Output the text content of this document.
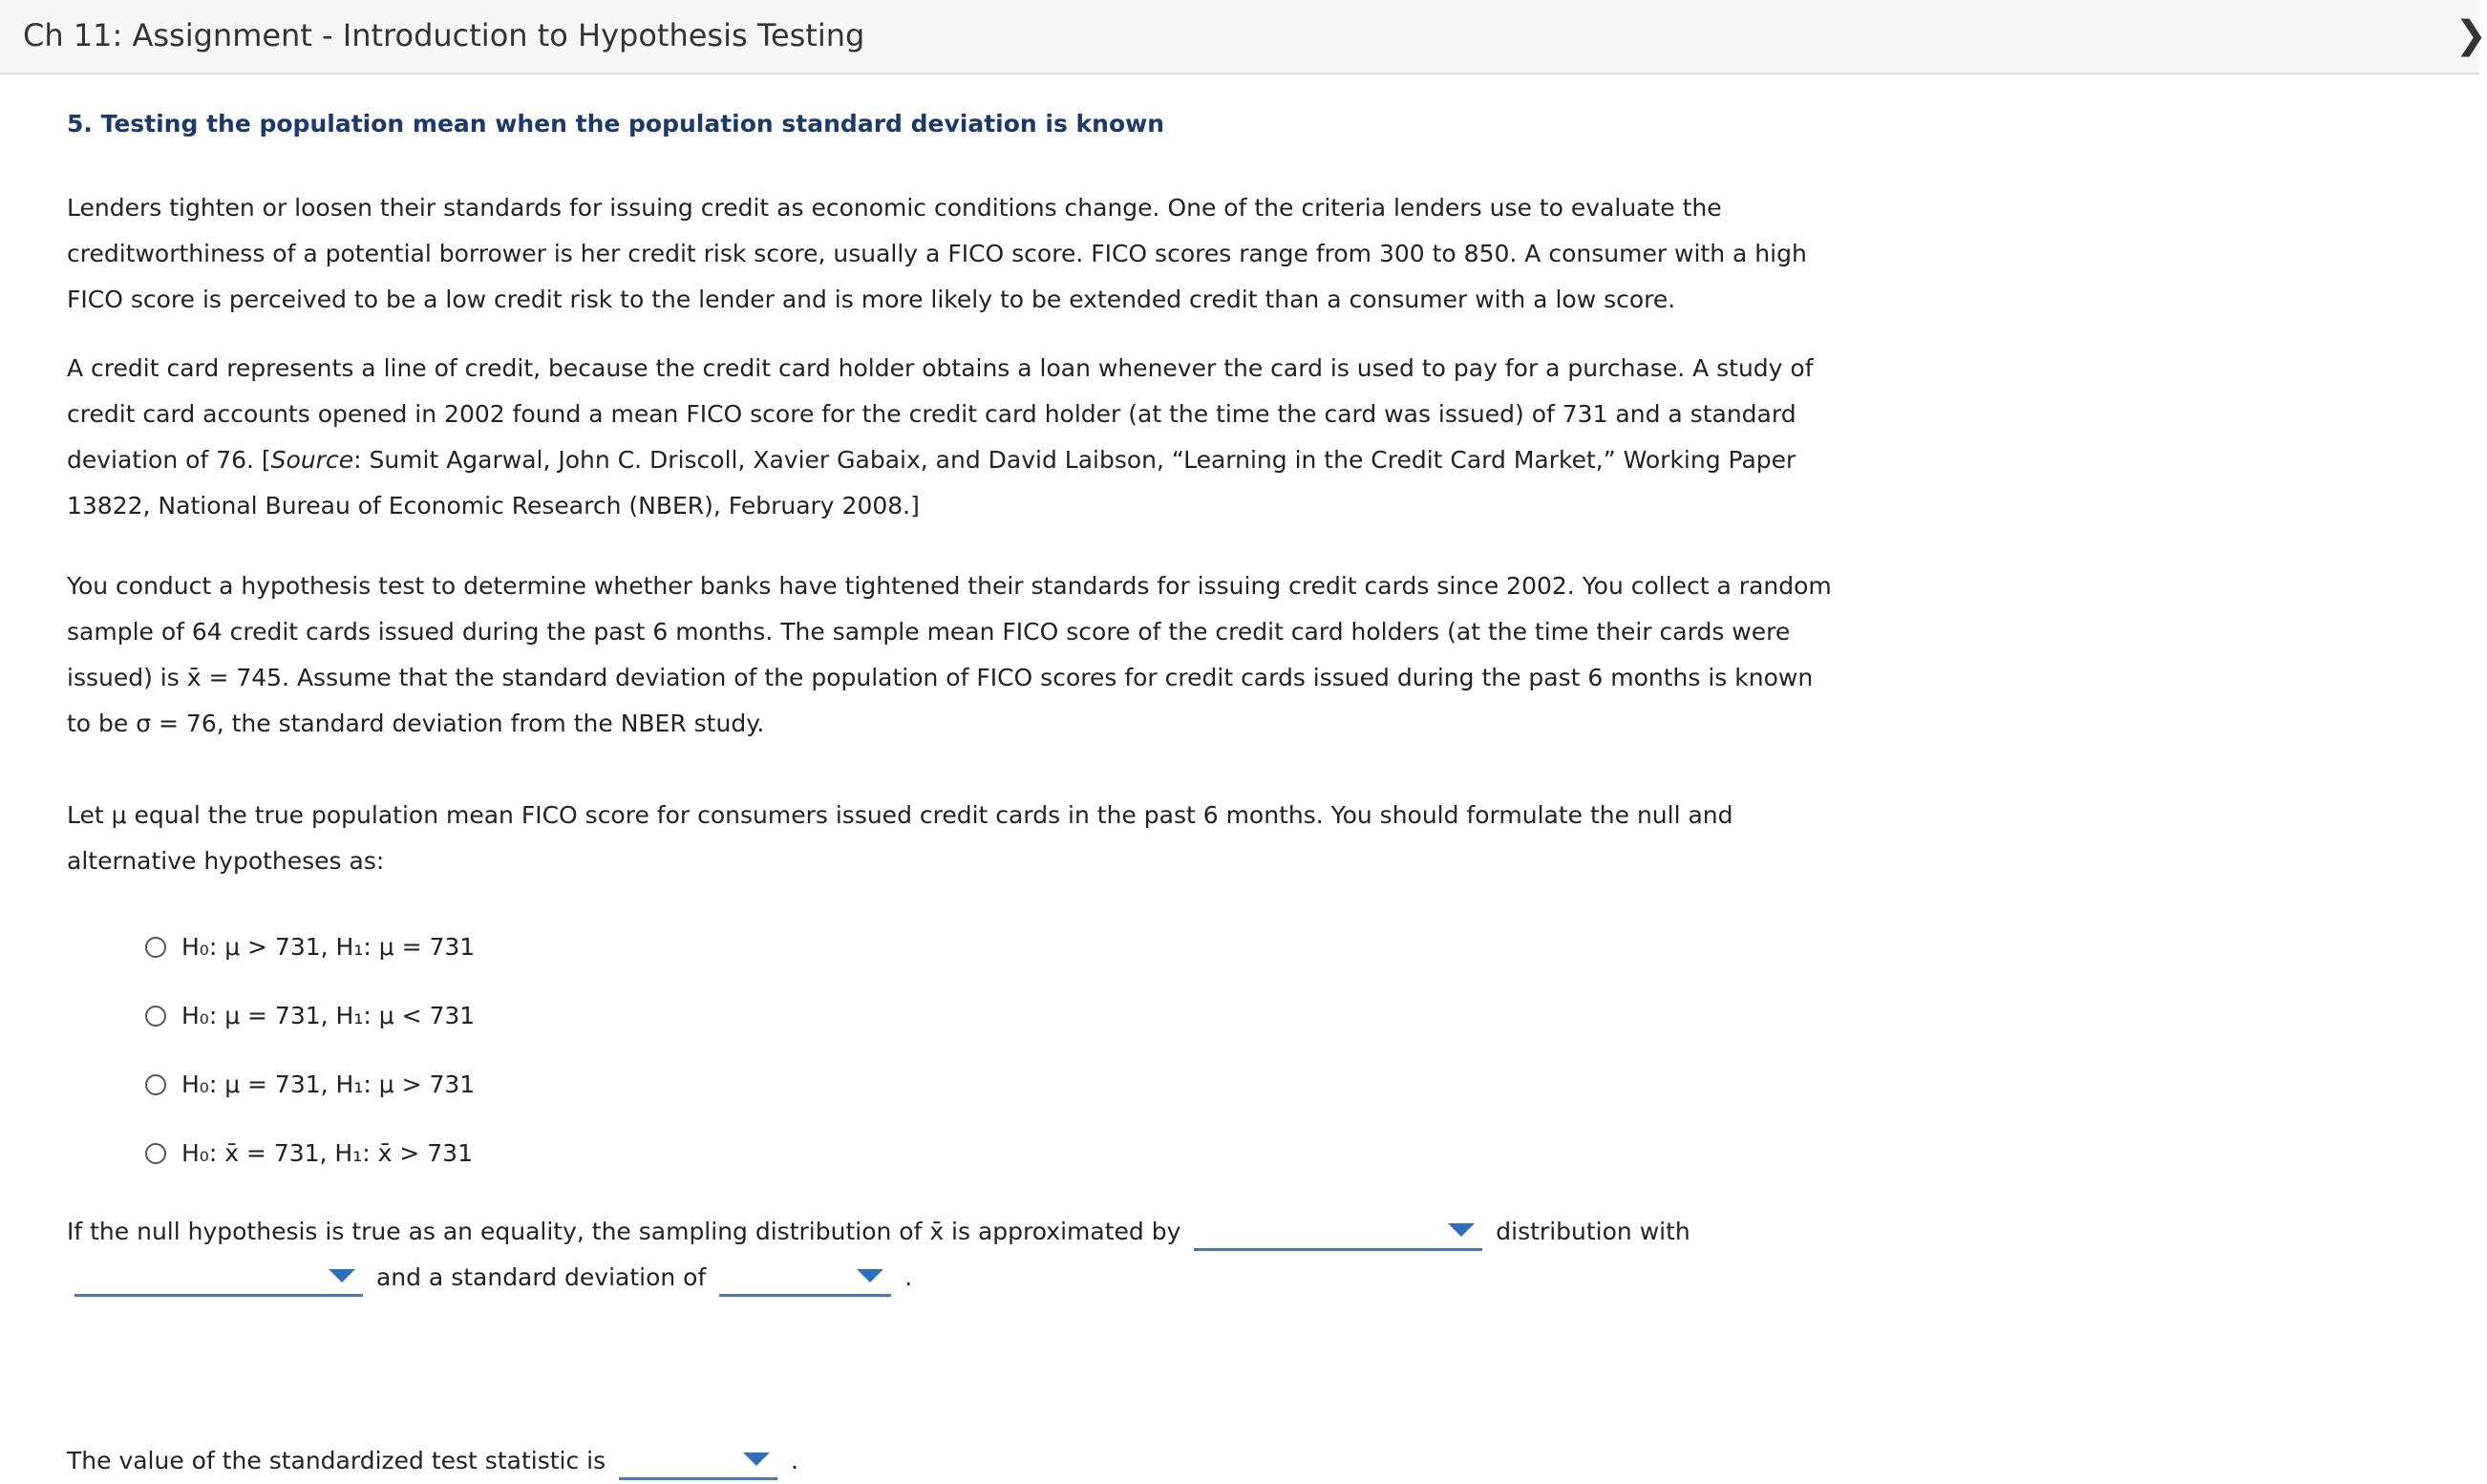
Ch 11: Assignment - Introduction to Hypothesis Testing	❯
5. Testing the population mean when the population standard deviation is known

Lenders tighten or loosen their standards for issuing credit as economic conditions change. One of the criteria lenders use to evaluate the creditworthiness of a potential borrower is her credit risk score, usually a FICO score. FICO scores range from 300 to 850. A consumer with a high FICO score is perceived to be a low credit risk to the lender and is more likely to be extended credit than a consumer with a low score.

A credit card represents a line of credit, because the credit card holder obtains a loan whenever the card is used to pay for a purchase. A study of credit card accounts opened in 2002 found a mean FICO score for the credit card holder (at the time the card was issued) of 731 and a standard deviation of 76. [Source: Sumit Agarwal, John C. Driscoll, Xavier Gabaix, and David Laibson, “Learning in the Credit Card Market,” Working Paper 13822, National Bureau of Economic Research (NBER), February 2008.]

You conduct a hypothesis test to determine whether banks have tightened their standards for issuing credit cards since 2002. You collect a random sample of 64 credit cards issued during the past 6 months. The sample mean FICO score of the credit card holders (at the time their cards were issued) is x̄ = 745. Assume that the standard deviation of the population of FICO scores for credit cards issued during the past 6 months is known to be σ = 76, the standard deviation from the NBER study.

Let μ equal the true population mean FICO score for consumers issued credit cards in the past 6 months. You should formulate the null and alternative hypotheses as:

H₀: μ > 731, H₁: μ = 731
H₀: μ = 731, H₁: μ < 731
H₀: μ = 731, H₁: μ > 731
H₀: x̄ = 731, H₁: x̄ > 731
If the null hypothesis is true as an equality, the sampling distribution of x̄ is approximated by	distribution with

and a standard deviation of	.
The value of the standardized test statistic is	.
